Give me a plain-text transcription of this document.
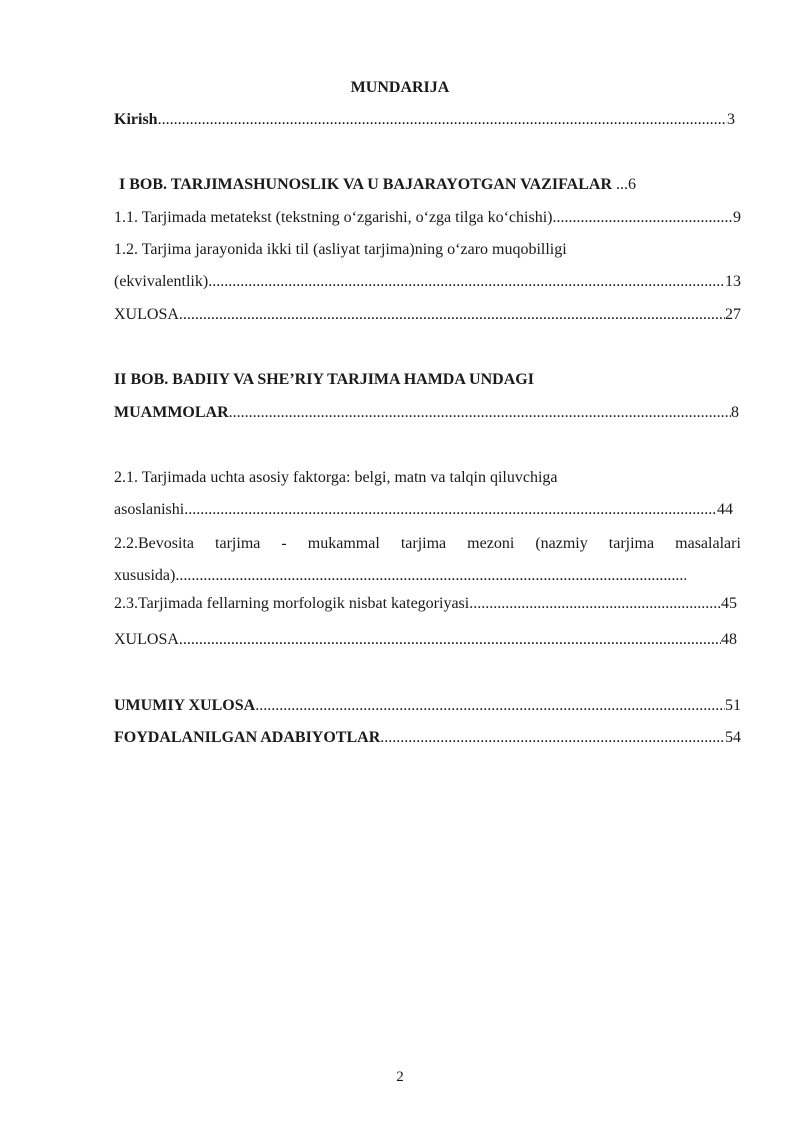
MUNDARIJA
Kirish .....	3
I BOB. TARJIMASHUNOSLIK VA U BAJARAYOTGAN VAZIFALAR ...6
1.1. Tarjimada metatekst (tekstning o‘zgarishi, o‘zga tilga ko‘chishi) .....	9
1.2. Tarjima jarayonida ikki til (asliyat tarjima)ning o‘zaro muqobilligi
(ekvivalentlik) .....	13
XULOSA .....	27
II BOB. BADIIY VA SHE’RIY TARJIMA HAMDA UNDAGI
MUAMMOLAR .....	8
2.1. Tarjimada uchta asosiy faktorga: belgi, matn va talqin qiluvchiga
asoslanishi .....	44
2.2.Bevosita tarjima - mukammal tarjima mezoni (nazmiy tarjima masalalari
xususida)
.....
2.3.Tarjimada fellarning morfologik nisbat kategoriyasi .....	45
XULOSA .....	48
UMUMIY XULOSA .....	51
FOYDALANILGAN ADABIYOTLAR .....	54
2
